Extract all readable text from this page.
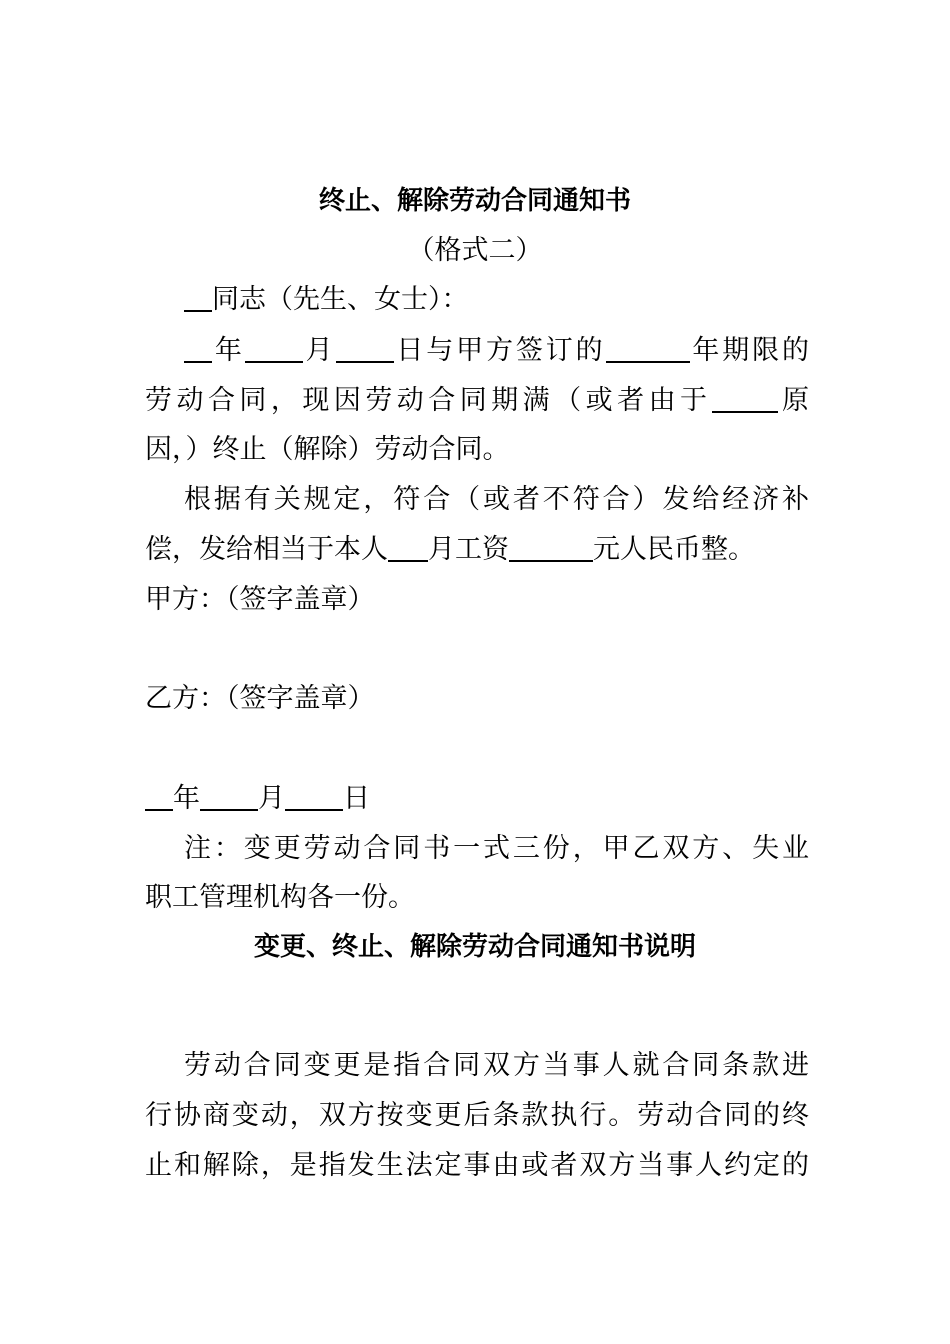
终止、解除劳动合同通知书
（格式二）
同志（先生、女士）：
年 月 日与甲方签订的	年期限的
劳动合同，现因劳动合同期满（或者由于 原
因，）终止（解除）劳动合同。
根据有关规定，符合（或者不符合）发给经济补
偿，发给相当于本人 月工资	元人民币整。
甲方：（签字盖章）
乙方：（签字盖章）
年 月 日
注：变更劳动合同书一式三份，甲乙双方、失业
职工管理机构各一份。
变更、终止、解除劳动合同通知书说明
劳动合同变更是指合同双方当事人就合同条款进
行协商变动，双方按变更后条款执行。劳动合同的终
止和解除，是指发生法定事由或者双方当事人约定的
